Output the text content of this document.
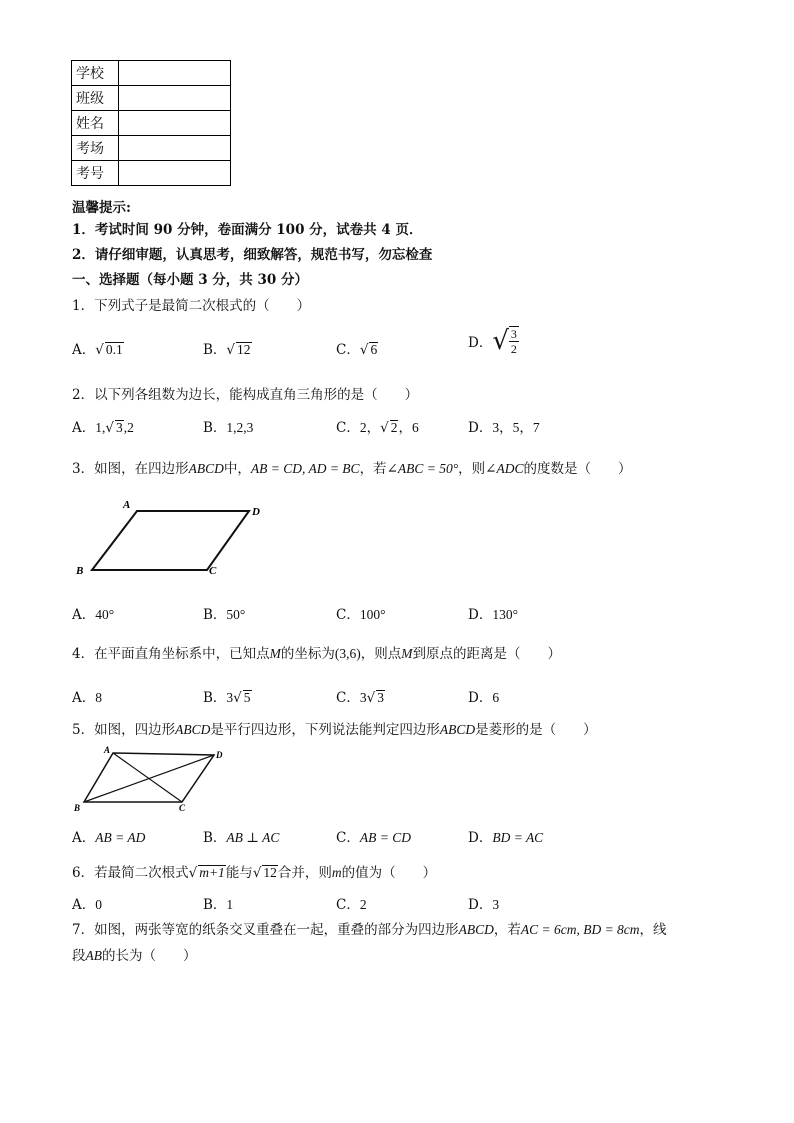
学校	
班级	
姓名	
考场	
考号	
温馨提示:
1．考试时间 90 分钟，卷面满分 100 分，试卷共 4 页．
2．请仔细审题，认真思考，细致解答，规范书写，勿忘检查
一、选择题（每小题 3 分，共 30 分）
1．下列式子是最简二次根式的（　　）
A．√ 0.1	B．√ 12	C．√ 6	D．√ $\frac{3}{2}$
2．以下列各组数为边长，能构成直角三角形的是（　　）
A．1,√ 3,2	B．1,2,3	C．2，√ 2，6	D．3，5，7
3．如图，在四边形ABCD中，AB = CD, AD = BC，若∠ABC = 50°，则∠ADC的度数是（　　）
A
D
B	C
A．40°	B．50°	C．100°	D．130°
4．在平面直角坐标系中，已知点M的坐标为(3,6)，则点M到原点的距离是（　　）
A．8	B．3√ 5	C．3√ 3	D．6
5．如图，四边形ABCD是平行四边形，下列说法能判定四边形ABCD是菱形的是（　　）
A	D
B	C
A．AB = AD	B．AB ⊥ AC	C．AB = CD	D．BD = AC
6．若最简二次根式√ m+1能与√ 12合并，则m的值为（　　）
A．0	B．1	C．2	D．3
7．如图，两张等宽的纸条交叉重叠在一起，重叠的部分为四边形ABCD，若AC = 6cm, BD = 8cm，线
段AB的长为（　　）
